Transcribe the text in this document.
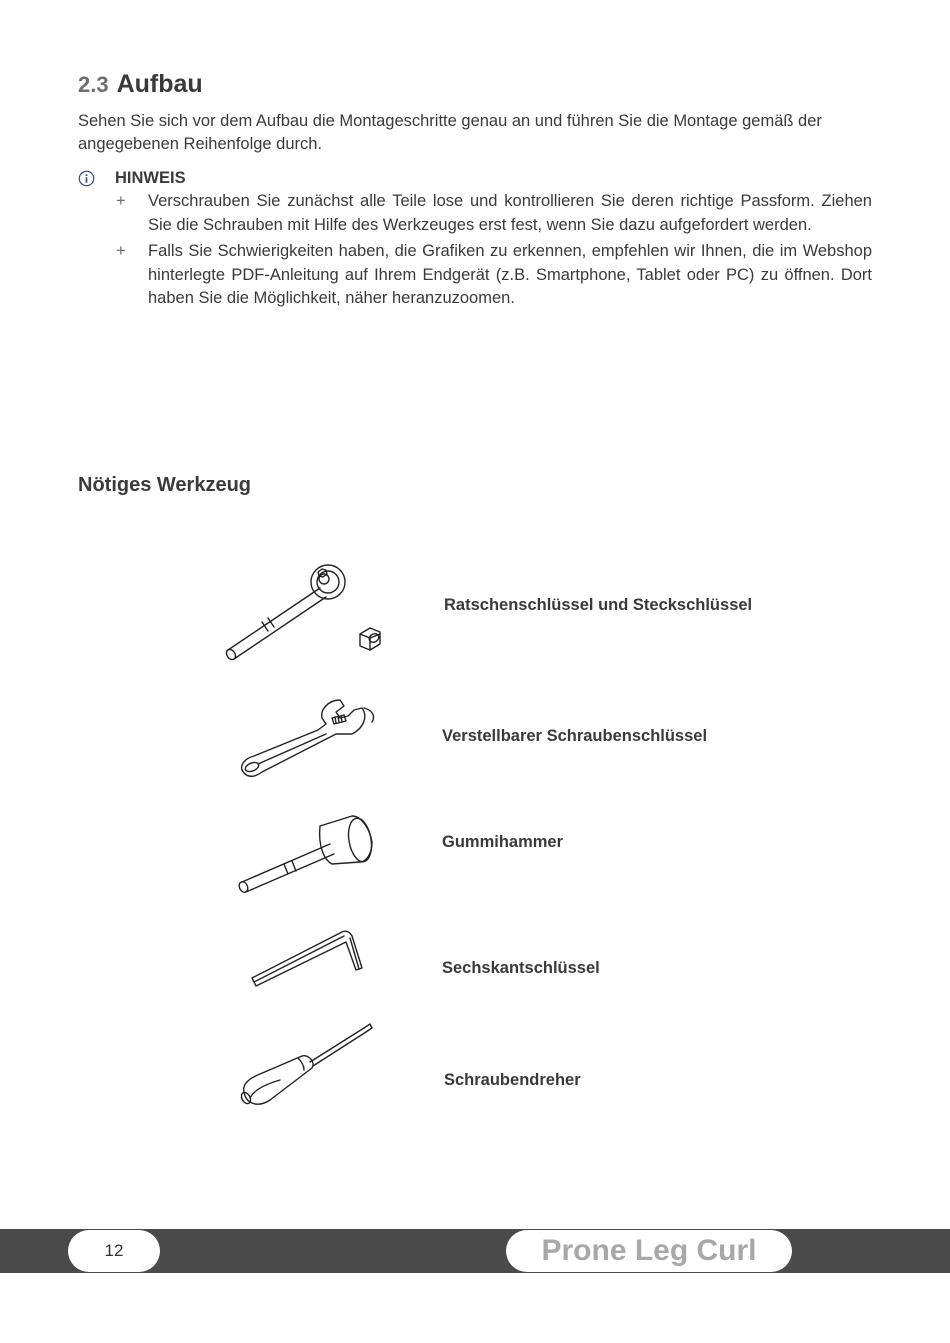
2.3 Aufbau

Sehen Sie sich vor dem Aufbau die Montageschritte genau an und führen Sie die Montage gemäß der angegebenen Reihenfolge durch.

HINWEIS
+	Verschrauben Sie zunächst alle Teile lose und kontrollieren Sie deren richtige Passform. Ziehen Sie die Schrauben mit Hilfe des Werkzeuges erst fest, wenn Sie dazu aufgefordert werden.
+	Falls Sie Schwierigkeiten haben, die Grafiken zu erkennen, empfehlen wir Ihnen, die im Webshop hinterlegte PDF-Anleitung auf Ihrem Endgerät (z.B. Smartphone, Tablet oder PC) zu öffnen. Dort haben Sie die Möglichkeit, näher heranzuzoomen.
Nötiges Werkzeug
Ratschenschlüssel und Steckschlüssel
Verstellbarer Schraubenschlüssel
Gummihammer
Sechskantschlüssel
Schraubendreher
12	Prone Leg Curl
